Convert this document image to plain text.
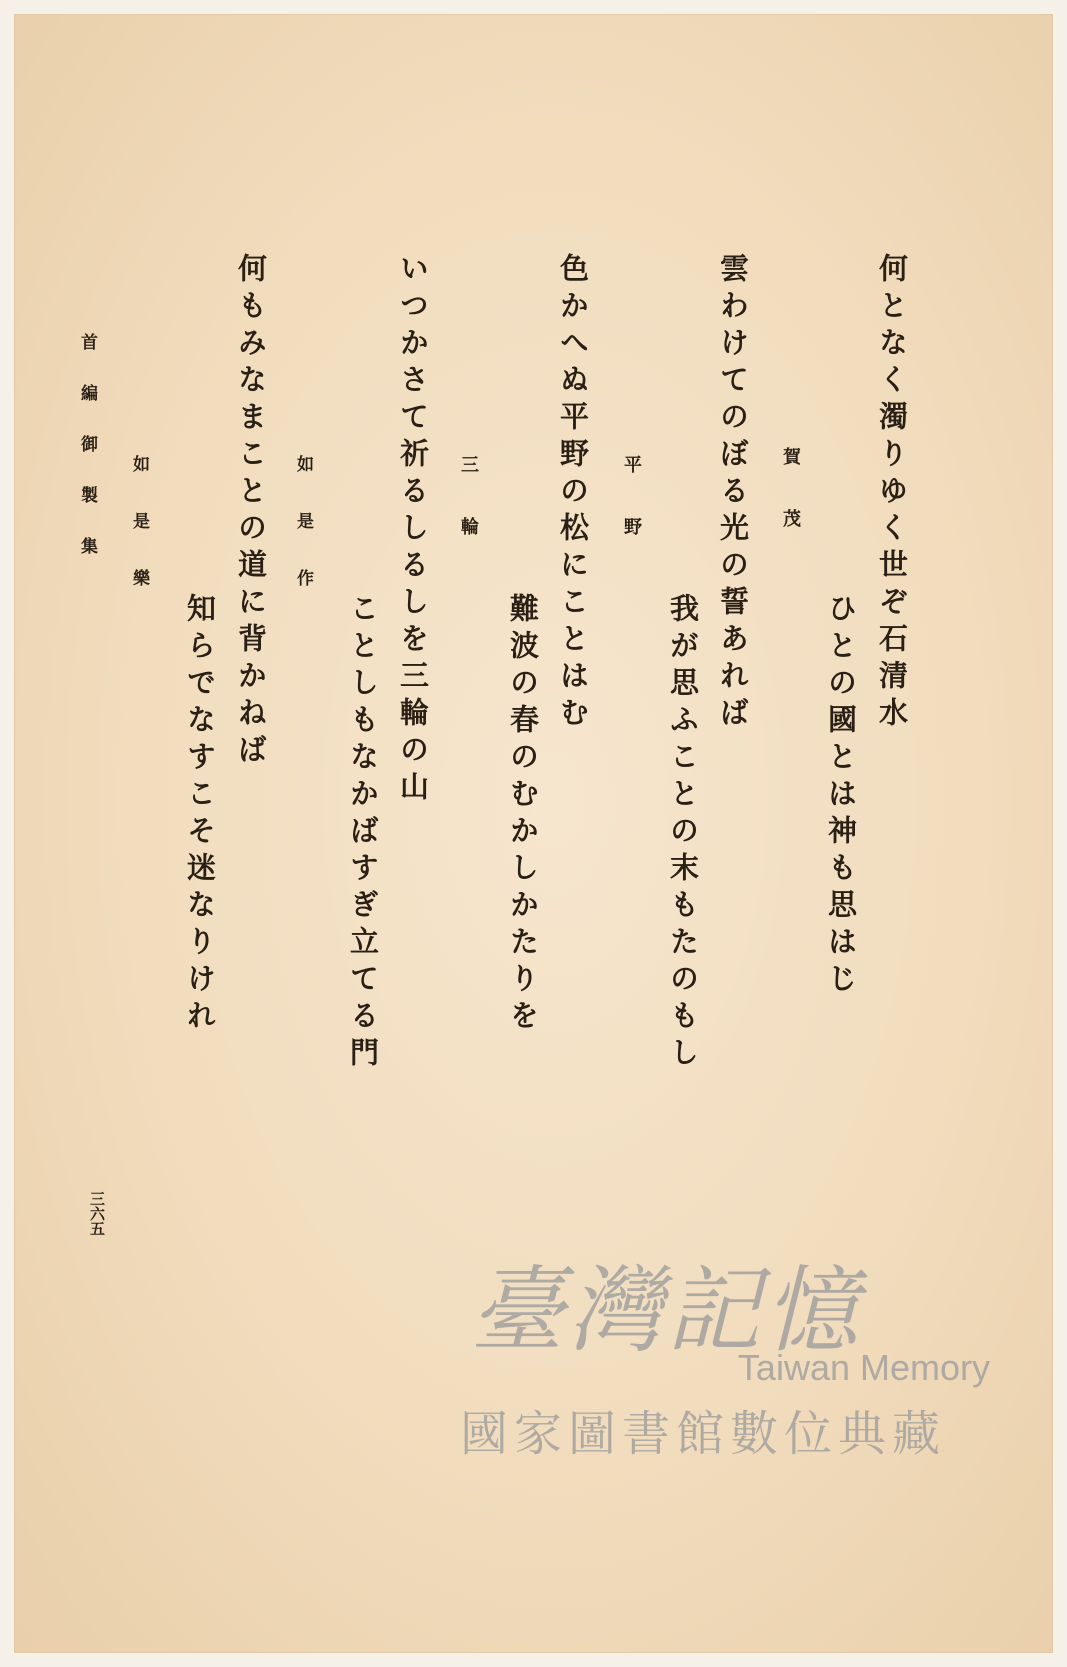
何となく濁りゆく世ぞ石清水
ひとの國とは神も思はじ
賀茂
雲わけてのぼる光の誓あれば
我が思ふことの末もたのもし
平野
色かへぬ平野の松にことはむ
難波の春のむかしかたりを
三輪
いつかさて祈るしるしを三輪の山
ことしもなかばすぎ立てる門
如是作
何もみなまことの道に背かねば
知らでなすこそ迷なりけれ
如是樂
首編御製集
三六五
臺灣記憶
Taiwan Memory
國家圖書館數位典藏
